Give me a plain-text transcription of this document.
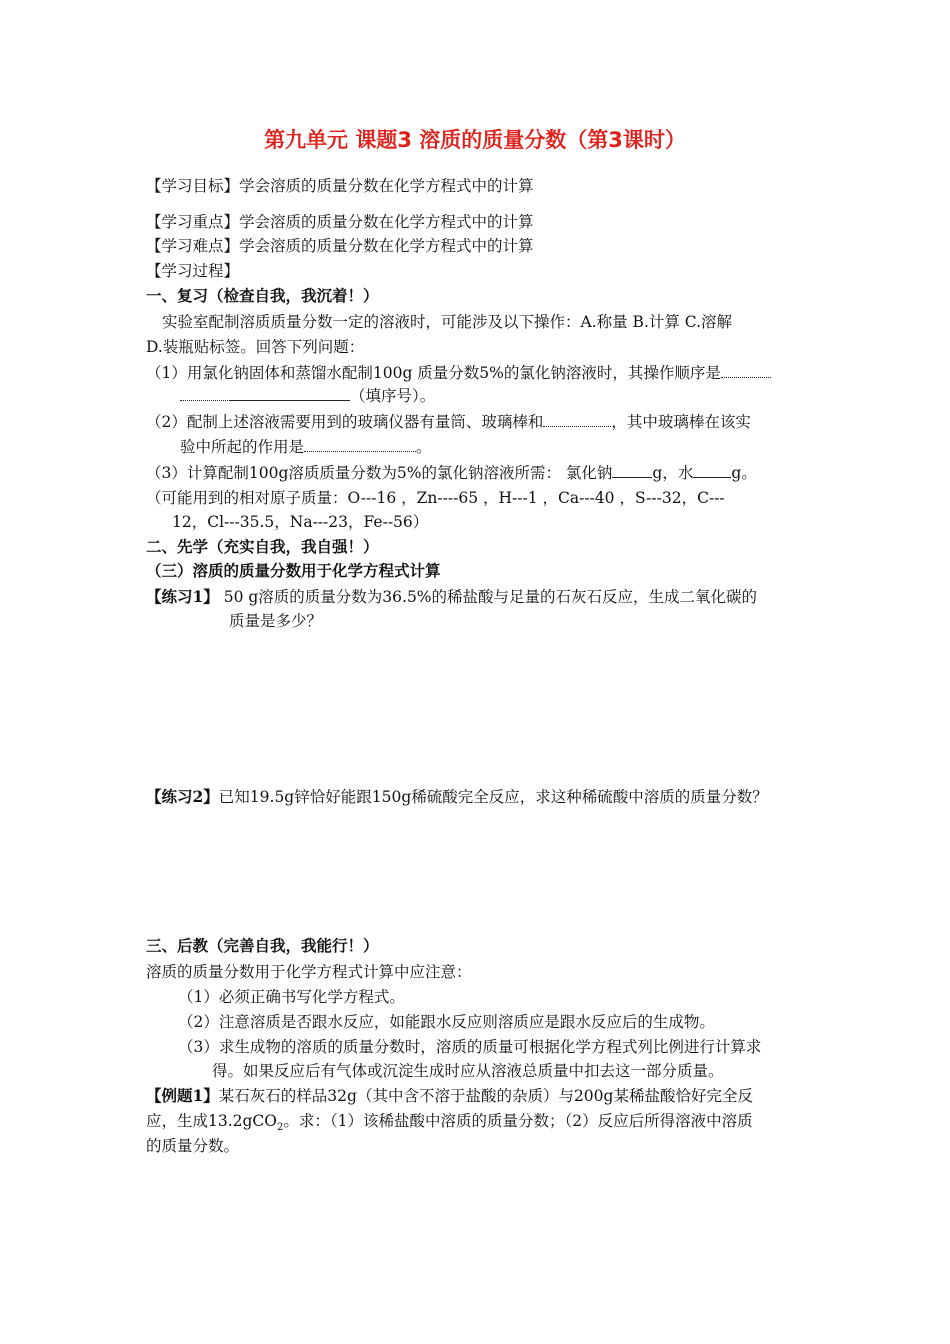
第九单元 课题3 溶质的质量分数（第3课时）
【学习目标】学会溶质的质量分数在化学方程式中的计算
【学习重点】学会溶质的质量分数在化学方程式中的计算
【学习难点】学会溶质的质量分数在化学方程式中的计算
【学习过程】
一、复习（检查自我，我沉着！）
实验室配制溶质质量分数一定的溶液时，可能涉及以下操作：A.称量 B.计算 C.溶解
D.装瓶贴标签。回答下列问题：
（1）用氯化钠固体和蒸馏水配制100g 质量分数5%的氯化钠溶液时，其操作顺序是
（填序号）。
（2）配制上述溶液需要用到的玻璃仪器有量筒、玻璃棒和	，其中玻璃棒在该实
验中所起的作用是	。
（3）计算配制100g溶质质量分数为5%的氯化钠溶液所需： 氯化钠	g，水 g。
（可能用到的相对原子质量：O---16 ，Zn----65 ，H---1 ，Ca---40 ，S---32，C---
12，Cl---35.5，Na---23，Fe--56）
二、先学（充实自我，我自强！）
（三）溶质的质量分数用于化学方程式计算
【练习1】 50 g溶质的质量分数为36.5%的稀盐酸与足量的石灰石反应，生成二氧化碳的
质量是多少？
【练习2】已知19.5g锌恰好能跟150g稀硫酸完全反应，求这种稀硫酸中溶质的质量分数？
三、后教（完善自我，我能行！）
溶质的质量分数用于化学方程式计算中应注意：
（1）必须正确书写化学方程式。
（2）注意溶质是否跟水反应，如能跟水反应则溶质应是跟水反应后的生成物。
（3）求生成物的溶质的质量分数时，溶质的质量可根据化学方程式列比例进行计算求
得。如果反应后有气体或沉淀生成时应从溶液总质量中扣去这一部分质量。
【例题1】某石灰石的样品32g（其中含不溶于盐酸的杂质）与200g某稀盐酸恰好完全反
应，生成13.2gCO$_2$。求：（1）该稀盐酸中溶质的质量分数；（2）反应后所得溶液中溶质
的质量分数。
